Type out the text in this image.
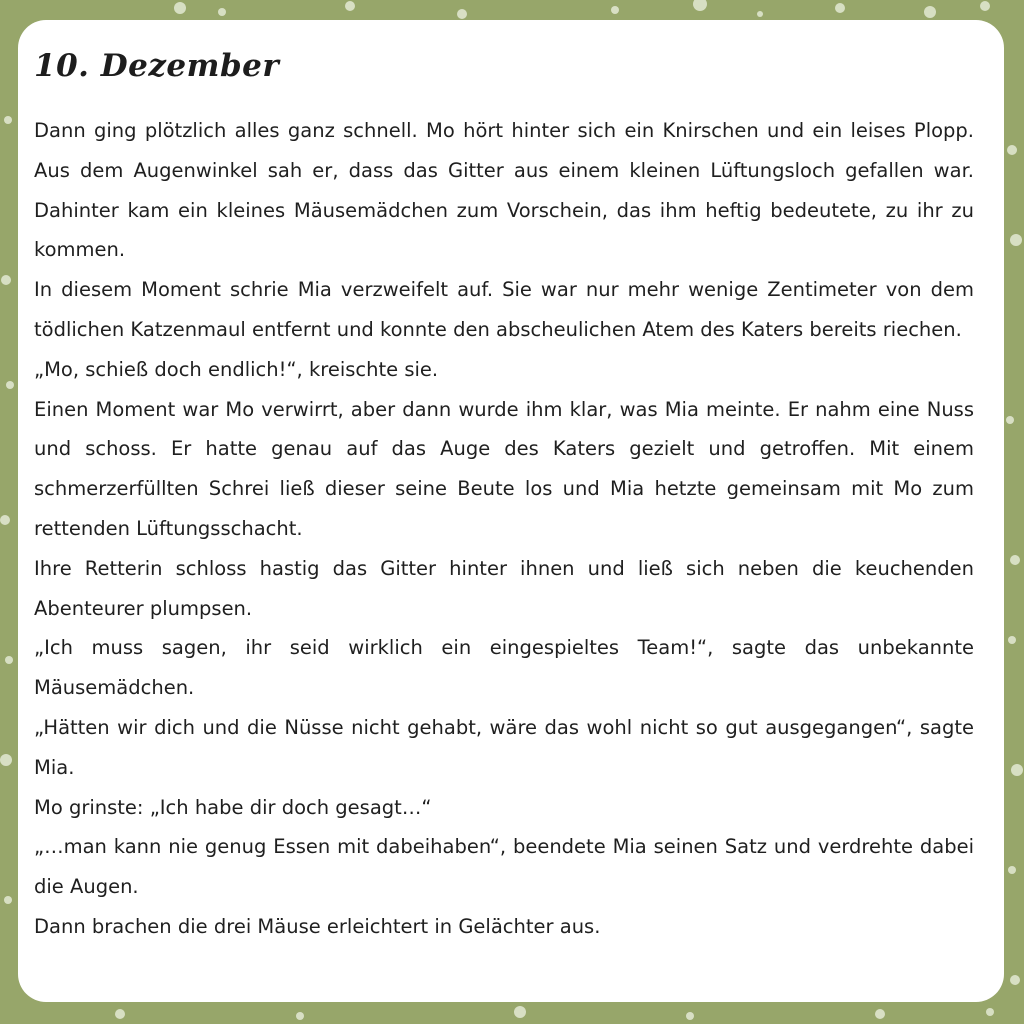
10. Dezember

Dann ging plötzlich alles ganz schnell. Mo hört hinter sich ein Knirschen und ein leises Plopp. Aus dem Augenwinkel sah er, dass das Gitter aus einem kleinen Lüftungsloch gefallen war. Dahinter kam ein kleines Mäusemädchen zum Vorschein, das ihm heftig bedeutete, zu ihr zu kommen.

In diesem Moment schrie Mia verzweifelt auf. Sie war nur mehr wenige Zentimeter von dem tödlichen Katzenmaul entfernt und konnte den abscheulichen Atem des Katers bereits riechen.

„Mo, schieß doch endlich!“, kreischte sie.

Einen Moment war Mo verwirrt, aber dann wurde ihm klar, was Mia meinte. Er nahm eine Nuss und schoss. Er hatte genau auf das Auge des Katers gezielt und getroffen. Mit einem schmerzerfüllten Schrei ließ dieser seine Beute los und Mia hetzte gemeinsam mit Mo zum rettenden Lüftungsschacht.

Ihre Retterin schloss hastig das Gitter hinter ihnen und ließ sich neben die keuchenden Abenteurer plumpsen.

„Ich muss sagen, ihr seid wirklich ein eingespieltes Team!“, sagte das unbekannte Mäusemädchen.

„Hätten wir dich und die Nüsse nicht gehabt, wäre das wohl nicht so gut ausgegangen“, sagte Mia.

Mo grinste: „Ich habe dir doch gesagt…“

„…man kann nie genug Essen mit dabeihaben“, beendete Mia seinen Satz und verdrehte dabei die Augen.

Dann brachen die drei Mäuse erleichtert in Gelächter aus.
